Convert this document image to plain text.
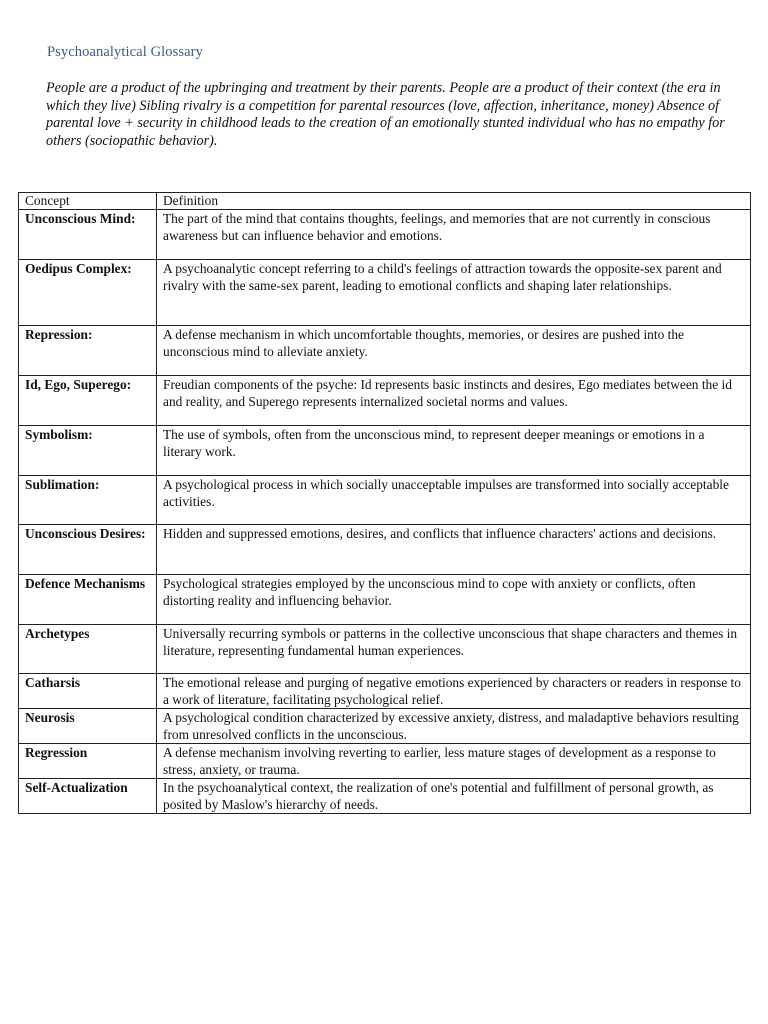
Psychoanalytical Glossary
People are a product of the upbringing and treatment by their parents. People are a product of their context (the era in which they live) Sibling rivalry is a competition for parental resources (love, affection, inheritance, money) Absence of parental love + security in childhood leads to the creation of an emotionally stunted individual who has no empathy for others (sociopathic behavior).
Concept	Definition
Unconscious Mind:	The part of the mind that contains thoughts, feelings, and memories that are not currently in conscious awareness but can influence behavior and emotions.
Oedipus Complex:	A psychoanalytic concept referring to a child's feelings of attraction towards the opposite-sex parent and rivalry with the same-sex parent, leading to emotional conflicts and shaping later relationships.
Repression:	A defense mechanism in which uncomfortable thoughts, memories, or desires are pushed into the unconscious mind to alleviate anxiety.
Id, Ego, Superego:	Freudian components of the psyche: Id represents basic instincts and desires, Ego mediates between the id and reality, and Superego represents internalized societal norms and values.
Symbolism:	The use of symbols, often from the unconscious mind, to represent deeper meanings or emotions in a literary work.
Sublimation:	A psychological process in which socially unacceptable impulses are transformed into socially acceptable activities.
Unconscious Desires:	Hidden and suppressed emotions, desires, and conflicts that influence characters' actions and decisions.
Defence Mechanisms	Psychological strategies employed by the unconscious mind to cope with anxiety or conflicts, often distorting reality and influencing behavior.
Archetypes	Universally recurring symbols or patterns in the collective unconscious that shape characters and themes in literature, representing fundamental human experiences.
Catharsis	The emotional release and purging of negative emotions experienced by characters or readers in response to a work of literature, facilitating psychological relief.
Neurosis	A psychological condition characterized by excessive anxiety, distress, and maladaptive behaviors resulting from unresolved conflicts in the unconscious.
Regression	A defense mechanism involving reverting to earlier, less mature stages of development as a response to stress, anxiety, or trauma.
Self-Actualization	In the psychoanalytical context, the realization of one's potential and fulfillment of personal growth, as posited by Maslow's hierarchy of needs.
